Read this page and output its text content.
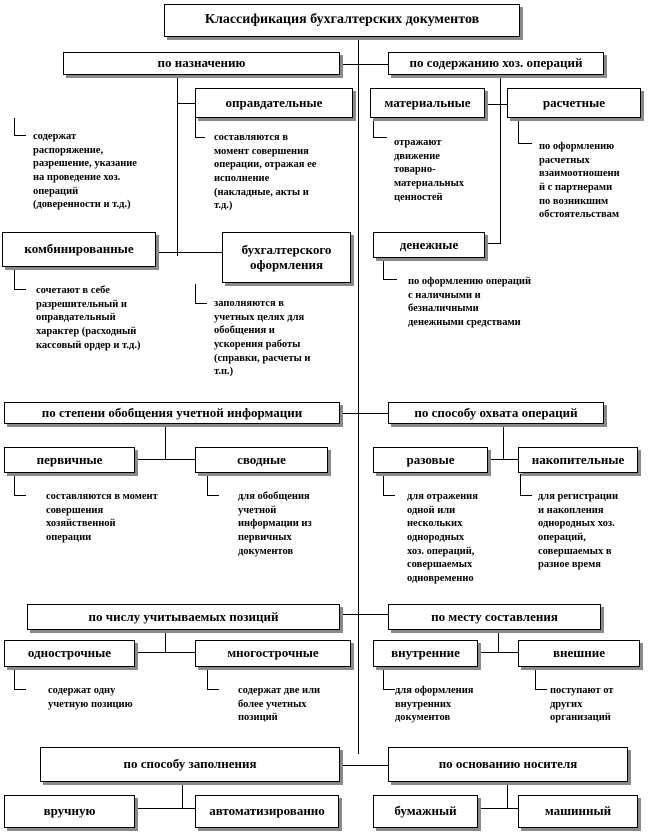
Классификация бухгалтерских документов
по назначению	по содержанию хоз. операций
оправдательные	материальные	расчетные
комбинированные	бухгалтерского оформления
денежные
по степени обобщения учетной информации	по способу охвата операций
первичные	сводные	разовые	накопительные
по числу учитываемых позиций	по месту составления
однострочные	многострочные	внутренние	внешние
по способу заполнения	по основанию носителя
вручную	автоматизированно	бумажный	машинный
содержат
распоряжение,
разрешение, указание
на проведение хоз.
операций
(доверенности и т.д.)
составляются в
момент совершения
операции, отражая ее
исполнение
(накладные, акты и
т.д.)
отражают
движение
товарно-
материальных
ценностей
по оформлению
расчетных
взаимоотношени
й с партнерами
по возникшим
обстоятельствам
сочетают в себе
разрешительный и
оправдательный
характер (расходный
кассовый ордер и т.д.)
заполняются в
учетных целях для
обобщения и
ускорения работы
(справки, расчеты и
т.п.)
по оформлению операций
с наличными и
безналичными
денежными средствами
составляются в момент
совершения
хозяйственной
операции
для обобщения
учетной
информации из
первичных
документов
для отражения
одной или
нескольких
однородных
хоз. операций,
совершаемых
одновременно
для регистрации
и накопления
однородных хоз.
операций,
совершаемых в
разное время
содержат одну
учетную позицию
содержат две или
более учетных
позиций
для оформления
внутренних
документов
поступают от
других
организаций
